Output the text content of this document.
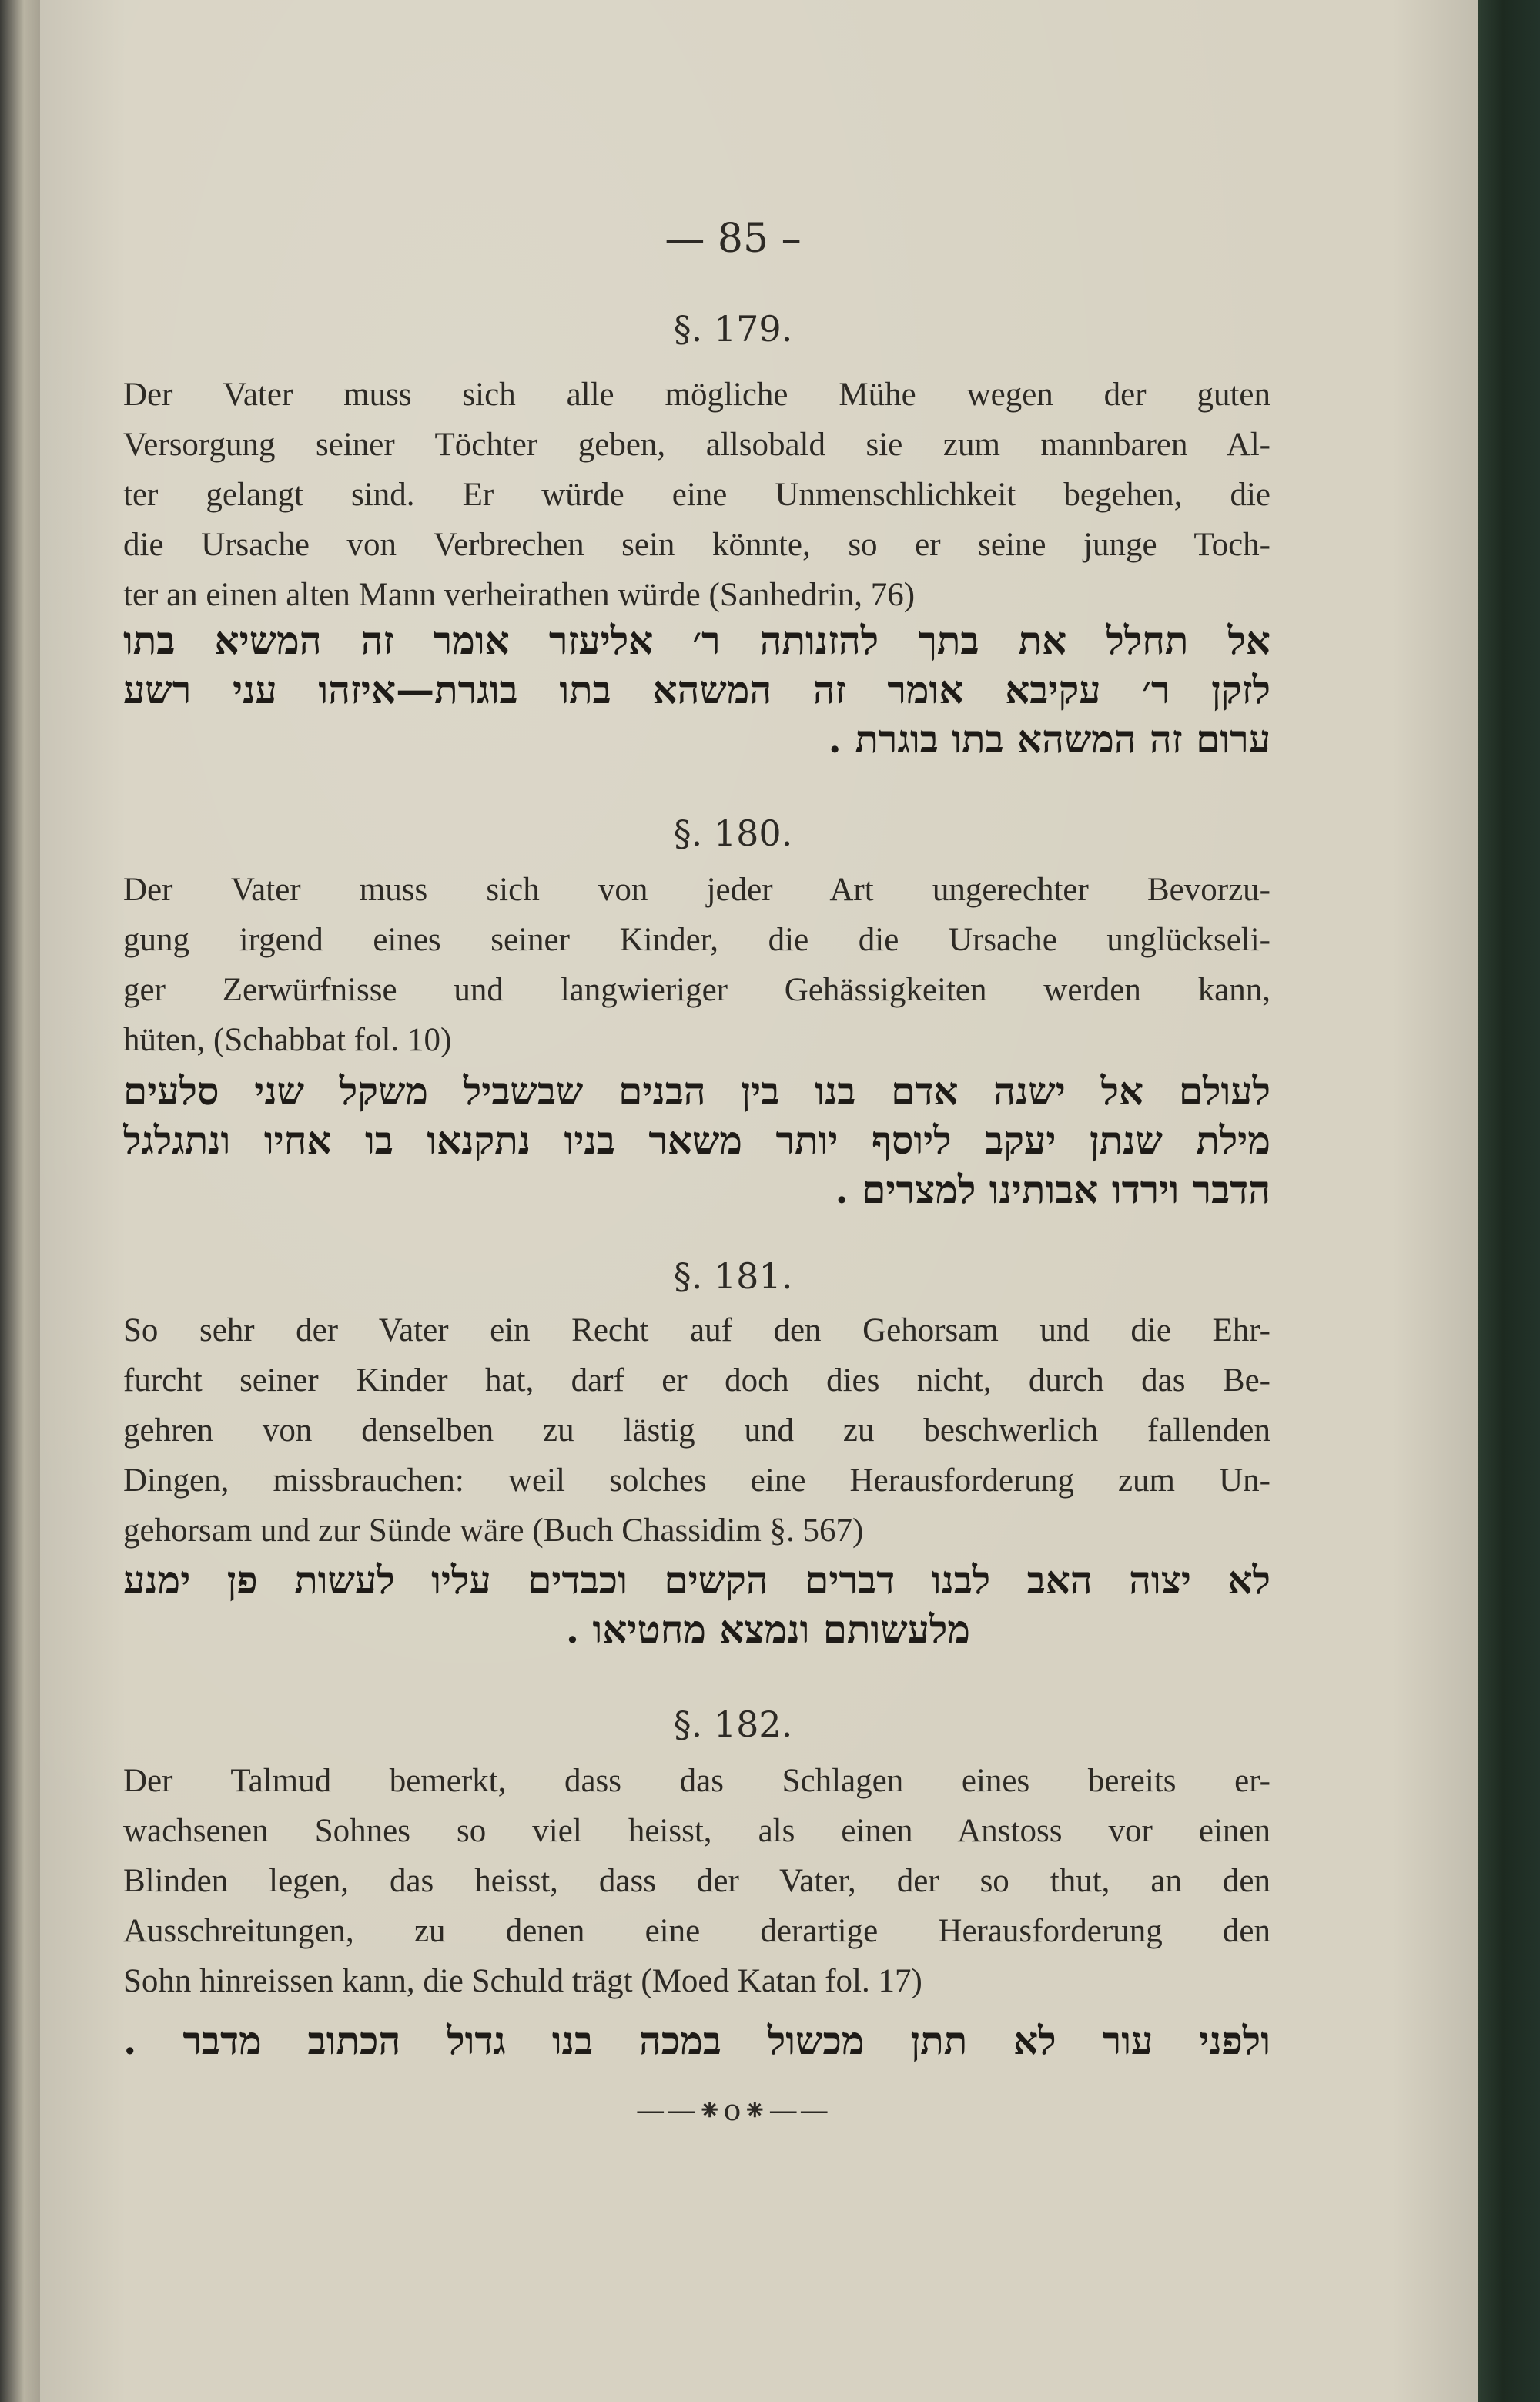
— 85 –
§. 179.

Der Vater muss sich alle mögliche Mühe wegen der guten
Versorgung seiner Töchter geben, allsobald sie zum mannbaren Al-
ter gelangt sind. Er würde eine Unmenschlichkeit begehen, die
die Ursache von Verbrechen sein könnte, so er seine junge Toch-
ter an einen alten Mann verheirathen würde (Sanhedrin, 76)

אל תחלל את בתך להזנותה ר׳ אליעזר אומר זה המשיא בתו
לזקן ר׳ עקיבא אומר זה המשהא בתו בוגרת—איזהו עני רשע
ערום זה המשהא בתו בוגרת .

§. 180.

Der Vater muss sich von jeder Art ungerechter Bevorzu-
gung irgend eines seiner Kinder, die die Ursache unglückseli-
ger Zerwürfnisse und langwieriger Gehässigkeiten werden kann,
hüten, (Schabbat fol. 10)

לעולם אל ישנה אדם בנו בין הבנים שבשביל משקל שני סלעים
מילת שנתן יעקב ליוסף יותר משאר בניו נתקנאו בו אחיו ונתגלגל
הדבר וירדו אבותינו למצרים .

§. 181.

So sehr der Vater ein Recht auf den Gehorsam und die Ehr-
furcht seiner Kinder hat, darf er doch dies nicht, durch das Be-
gehren von denselben zu lästig und zu beschwerlich fallenden
Dingen, missbrauchen: weil solches eine Herausforderung zum Un-
gehorsam und zur Sünde wäre (Buch Chassidim §. 567)

לא יצוה האב לבנו דברים הקשים וכבדים עליו לעשות פן ימנע
מלעשותם ונמצא מחטיאו .

§. 182.

Der Talmud bemerkt, dass das Schlagen eines bereits er-
wachsenen Sohnes so viel heisst, als einen Anstoss vor einen
Blinden legen, das heisst, dass der Vater, der so thut, an den
Ausschreitungen, zu denen eine derartige Herausforderung den
Sohn hinreissen kann, die Schuld trägt (Moed Katan fol. 17)

ולפני עור לא תתן מכשול במכה בנו גדול הכתוב מדבר .

——⁕o⁕——
